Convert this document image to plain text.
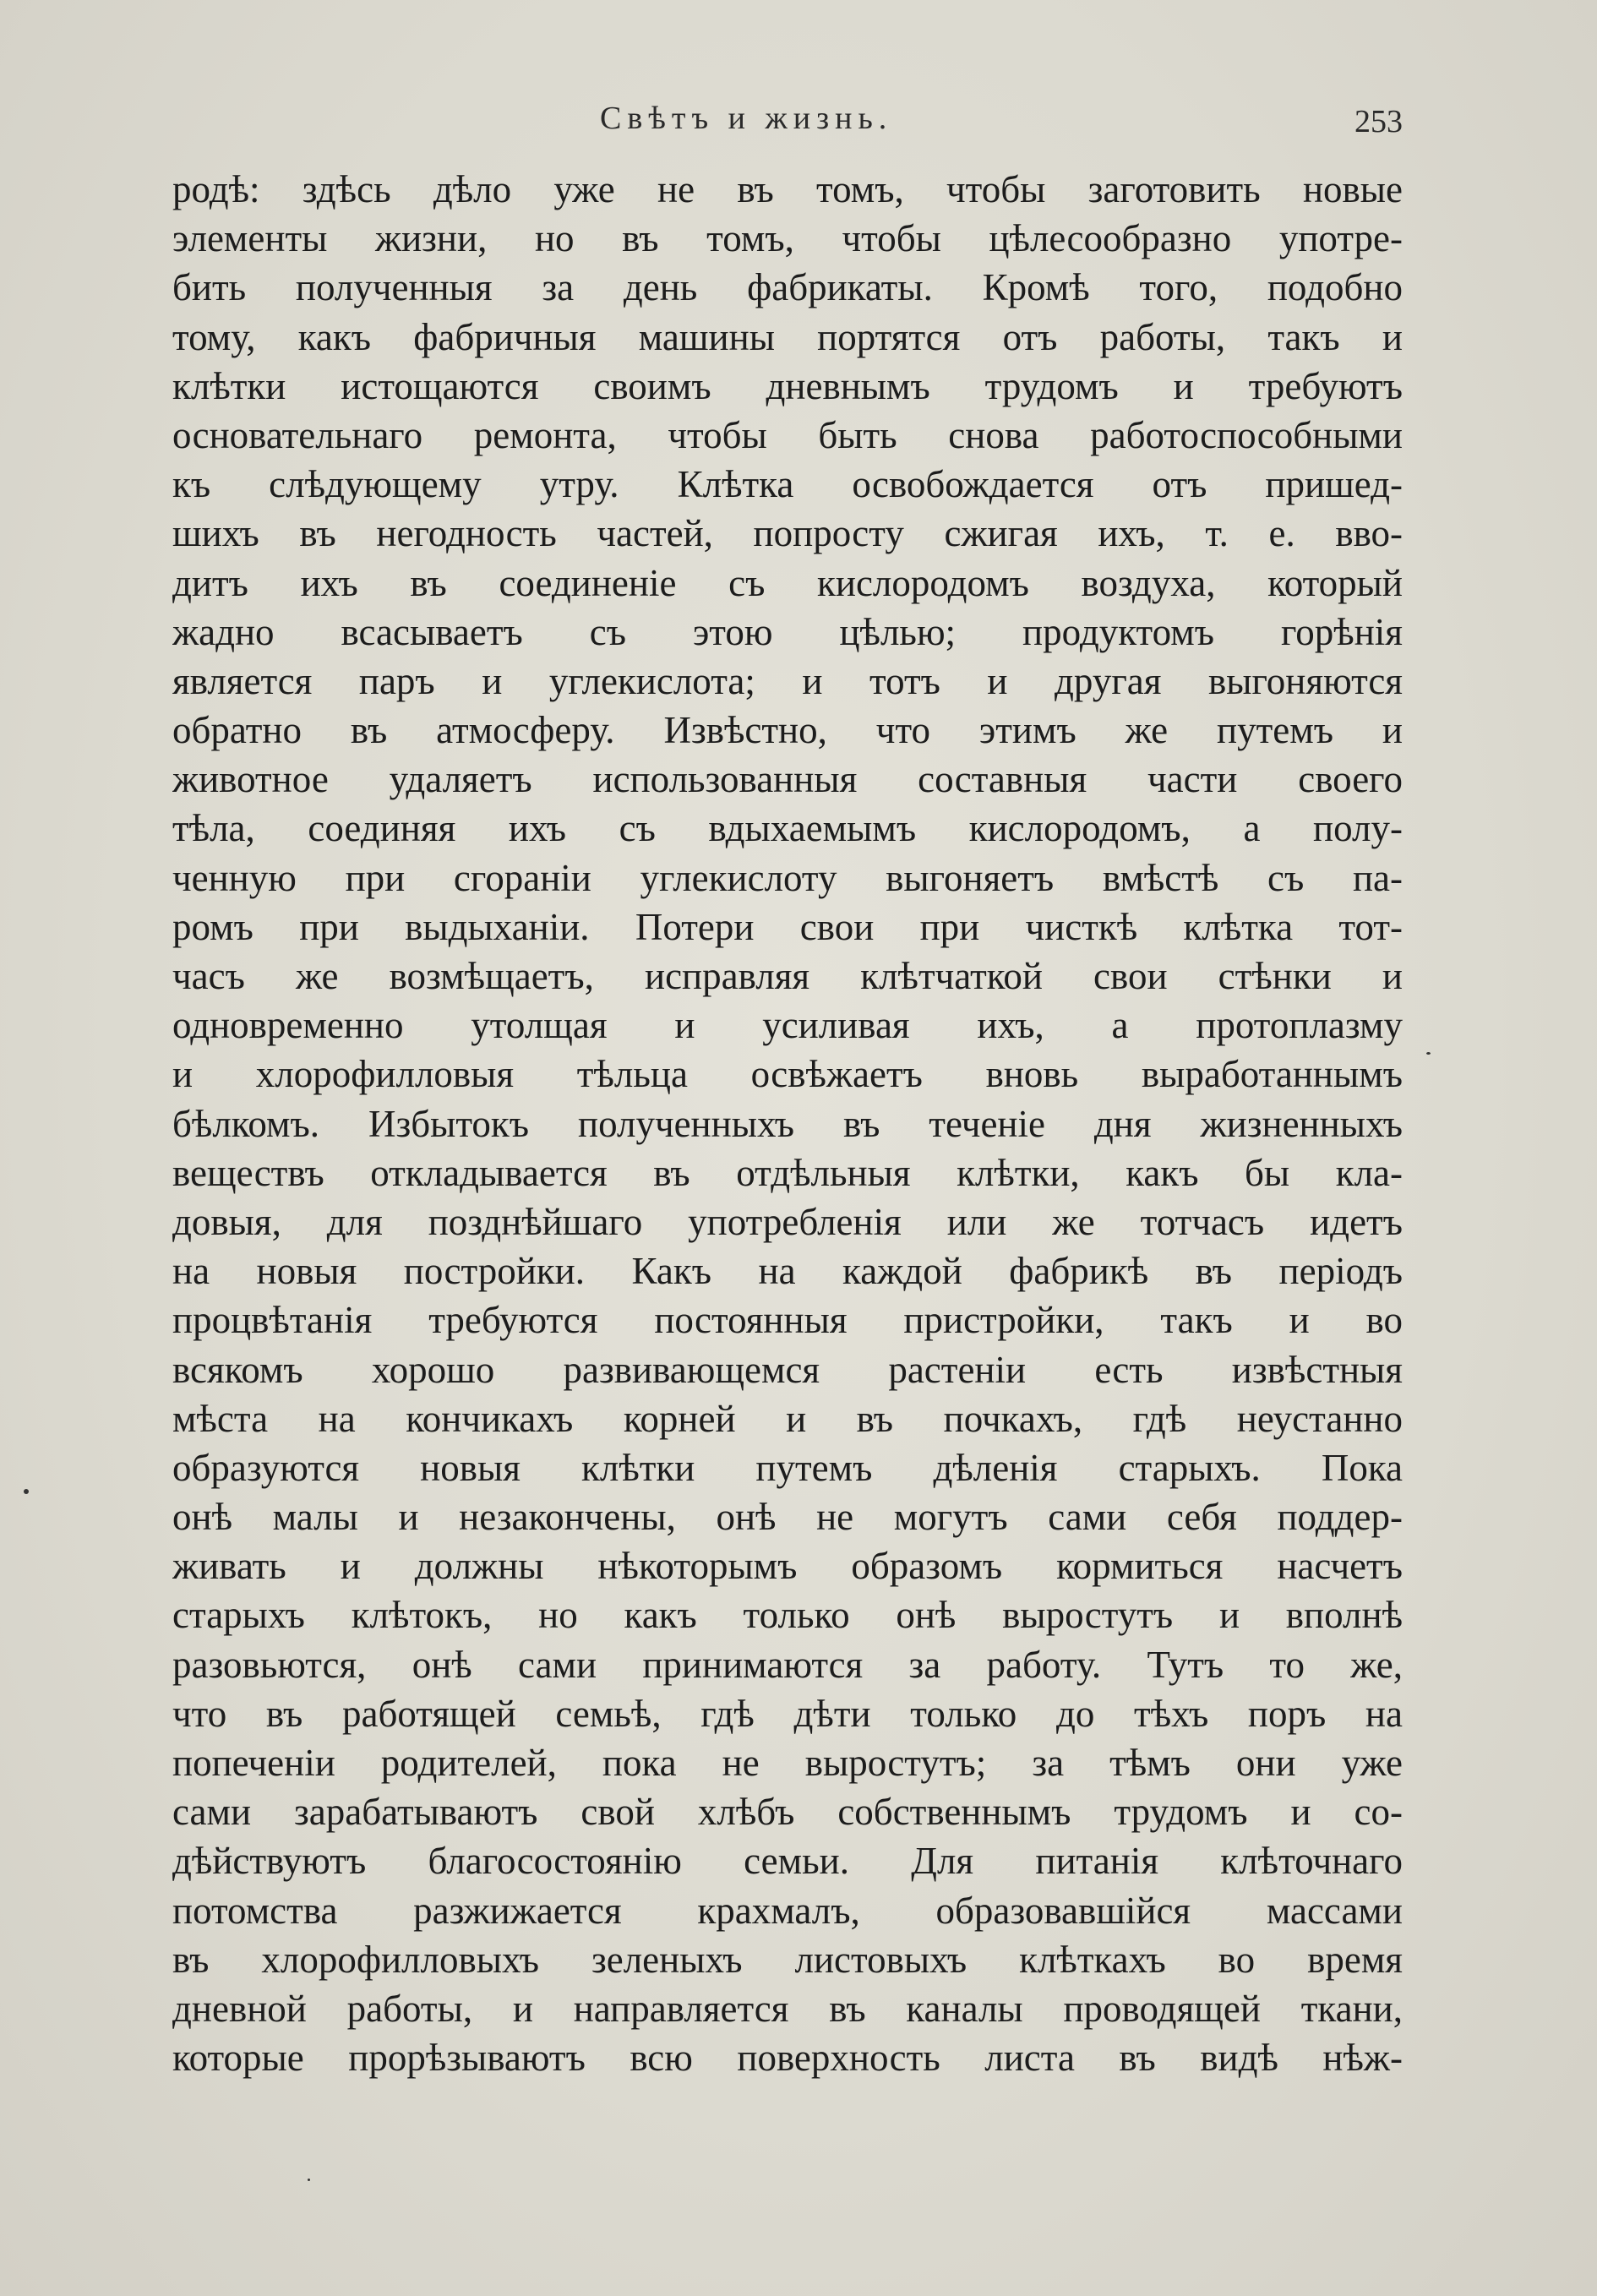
Свѣтъ и жизнь.	253
родѣ: здѣсь дѣло уже не въ томъ, чтобы заготовить новые
элементы жизни, но въ томъ, чтобы цѣлесообразно употре-
бить полученныя за день фабрикаты. Кромѣ того, подобно
тому, какъ фабричныя машины портятся отъ работы, такъ и
клѣтки истощаются своимъ дневнымъ трудомъ и требуютъ
основательнаго ремонта, чтобы быть снова работоспособными
къ слѣдующему утру. Клѣтка освобождается отъ пришед-
шихъ въ негодность частей, попросту сжигая ихъ, т. е. вво-
дитъ ихъ въ соединеніе съ кислородомъ воздуха, который
жадно всасываетъ съ этою цѣлью; продуктомъ горѣнія
является паръ и углекислота; и тотъ и другая выгоняются
обратно въ атмосферу. Извѣстно, что этимъ же путемъ и
животное удаляетъ использованныя составныя части своего
тѣла, соединяя ихъ съ вдыхаемымъ кислородомъ, а полу-
ченную при сгораніи углекислоту выгоняетъ вмѣстѣ съ па-
ромъ при выдыханіи. Потери свои при чисткѣ клѣтка тот-
часъ же возмѣщаетъ, исправляя клѣтчаткой свои стѣнки и
одновременно утолщая и усиливая ихъ, а протоплазму
и хлорофилловыя тѣльца освѣжаетъ вновь выработаннымъ
бѣлкомъ. Избытокъ полученныхъ въ теченіе дня жизненныхъ
веществъ откладывается въ отдѣльныя клѣтки, какъ бы кла-
довыя, для позднѣйшаго употребленія или же тотчасъ идетъ
на новыя постройки. Какъ на каждой фабрикѣ въ періодъ
процвѣтанія требуются постоянныя пристройки, такъ и во
всякомъ хорошо развивающемся растеніи есть извѣстныя
мѣста на кончикахъ корней и въ почкахъ, гдѣ неустанно
образуются новыя клѣтки путемъ дѣленія старыхъ. Пока
онѣ малы и незакончены, онѣ не могутъ сами себя поддер-
живать и должны нѣкоторымъ образомъ кормиться насчетъ
старыхъ клѣтокъ, но какъ только онѣ выростутъ и вполнѣ
разовьются, онѣ сами принимаются за работу. Тутъ то же,
что въ работящей семьѣ, гдѣ дѣти только до тѣхъ поръ на
попеченіи родителей, пока не выростутъ; за тѣмъ они уже
сами зарабатываютъ свой хлѣбъ собственнымъ трудомъ и со-
дѣйствуютъ благосостоянію семьи. Для питанія клѣточнаго
потомства разжижается крахмалъ, образовавшійся массами
въ хлорофилловыхъ зеленыхъ листовыхъ клѣткахъ во время
дневной работы, и направляется въ каналы проводящей ткани,
которые прорѣзываютъ всю поверхность листа въ видѣ нѣж-
